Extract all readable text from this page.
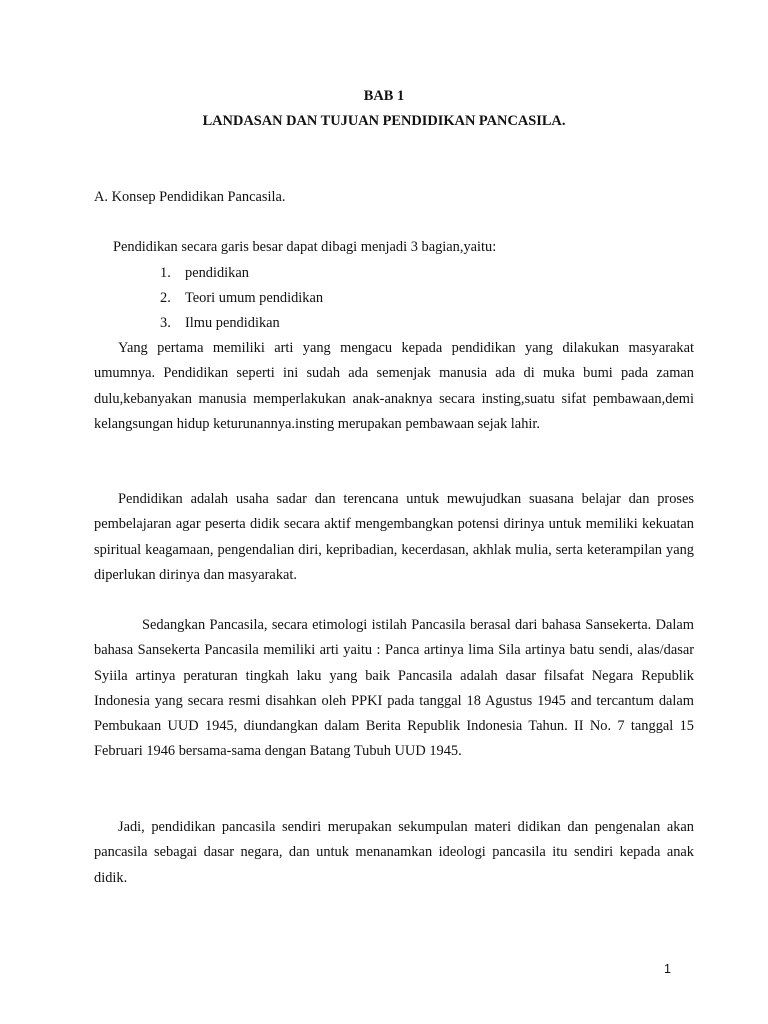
BAB 1
LANDASAN DAN TUJUAN PENDIDIKAN PANCASILA.
A. Konsep Pendidikan Pancasila.
Pendidikan secara garis besar dapat dibagi menjadi 3 bagian,yaitu:
1. pendidikan
2. Teori umum pendidikan
3. Ilmu pendidikan

Yang pertama memiliki arti yang mengacu kepada pendidikan yang dilakukan masyarakat umumnya. Pendidikan seperti ini sudah ada semenjak manusia ada di muka bumi pada zaman dulu,kebanyakan manusia memperlakukan anak-anaknya secara insting,suatu sifat pembawaan,demi kelangsungan hidup keturunannya.insting merupakan pembawaan sejak lahir.

Pendidikan adalah usaha sadar dan terencana untuk mewujudkan suasana belajar dan proses pembelajaran agar peserta didik secara aktif mengembangkan potensi dirinya untuk memiliki kekuatan spiritual keagamaan, pengendalian diri, kepribadian, kecerdasan, akhlak mulia, serta keterampilan yang diperlukan dirinya dan masyarakat.

Sedangkan Pancasila, secara etimologi istilah Pancasila berasal dari bahasa Sansekerta. Dalam bahasa Sansekerta Pancasila memiliki arti yaitu : Panca artinya lima Sila artinya batu sendi, alas/dasar Syiila artinya peraturan tingkah laku yang baik Pancasila adalah dasar filsafat Negara Republik Indonesia yang secara resmi disahkan oleh PPKI pada tanggal 18 Agustus 1945 and tercantum dalam Pembukaan UUD 1945, diundangkan dalam Berita Republik Indonesia Tahun. II No. 7 tanggal 15 Februari 1946 bersama-sama dengan Batang Tubuh UUD 1945.

Jadi, pendidikan pancasila sendiri merupakan sekumpulan materi didikan dan pengenalan akan pancasila sebagai dasar negara, dan untuk menanamkan ideologi pancasila itu sendiri kepada anak didik.

1
